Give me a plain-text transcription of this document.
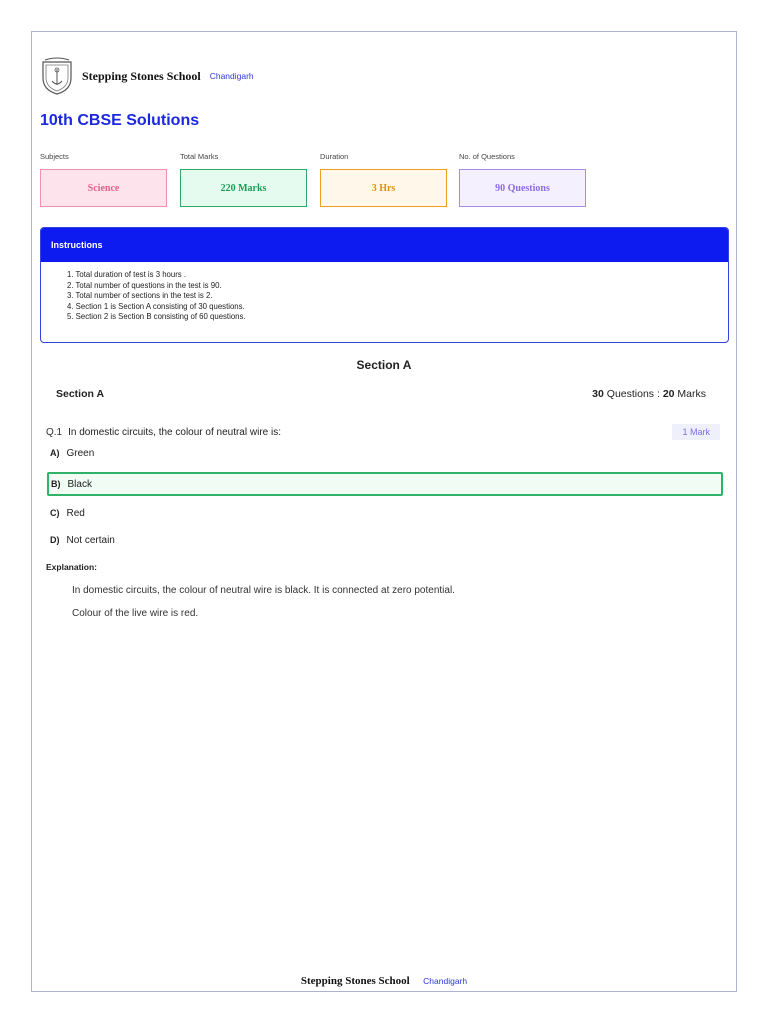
Stepping Stones School Chandigarh
10th CBSE Solutions
Subjects
Science
Total Marks
220 Marks
Duration
3 Hrs
No. of Questions
90 Questions
Instructions
1. Total duration of test is 3 hours .
2. Total number of questions in the test is 90.
3. Total number of sections in the test is 2.
4. Section 1 is Section A consisting of 30 questions.
5. Section 2 is Section B consisting of 60 questions.
Section A
Section A	30 Questions : 20 Marks
Q.1 In domestic circuits, the colour of neutral wire is:	1 Mark
A) Green
B) Black
C) Red
D) Not certain
Explanation:
In domestic circuits, the colour of neutral wire is black. It is connected at zero potential.
Colour of the live wire is red.
Stepping Stones School Chandigarh
